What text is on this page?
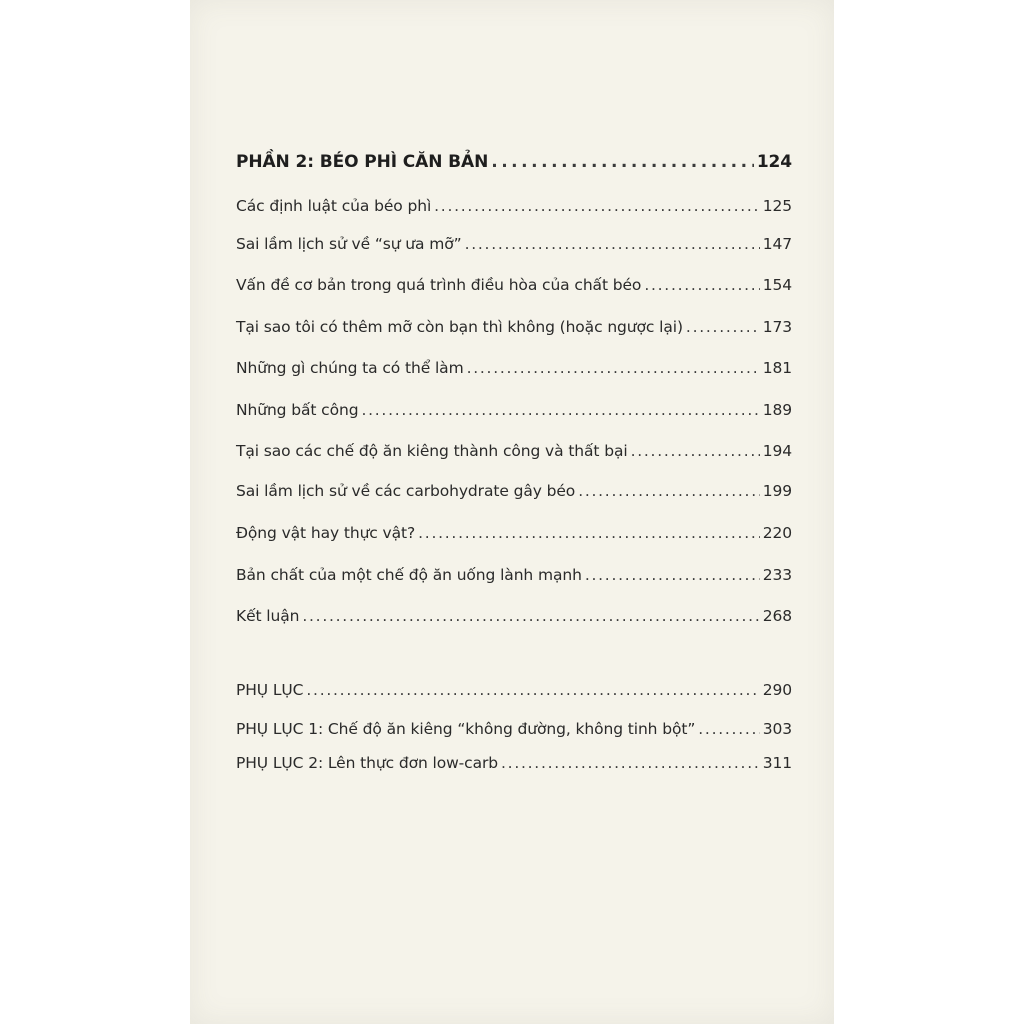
PHẦN 2: BÉO PHÌ CĂN BẢN . . .	124
Các định luật của béo phì . . .	125
Sai lầm lịch sử về “sự ưa mỡ” . . .	147
Vấn đề cơ bản trong quá trình điều hòa của chất béo . . .	154
Tại sao tôi có thêm mỡ còn bạn thì không (hoặc ngược lại) . . .	173
Những gì chúng ta có thể làm . . .	181
Những bất công . . .	189
Tại sao các chế độ ăn kiêng thành công và thất bại . . .	194
Sai lầm lịch sử về các carbohydrate gây béo . . .	199
Động vật hay thực vật? . . .	220
Bản chất của một chế độ ăn uống lành mạnh . . .	233
Kết luận . . .	268
PHỤ LỤC . . .	290
PHỤ LỤC 1: Chế độ ăn kiêng “không đường, không tinh bột” . . .	303
PHỤ LỤC 2: Lên thực đơn low-carb . . .	311
